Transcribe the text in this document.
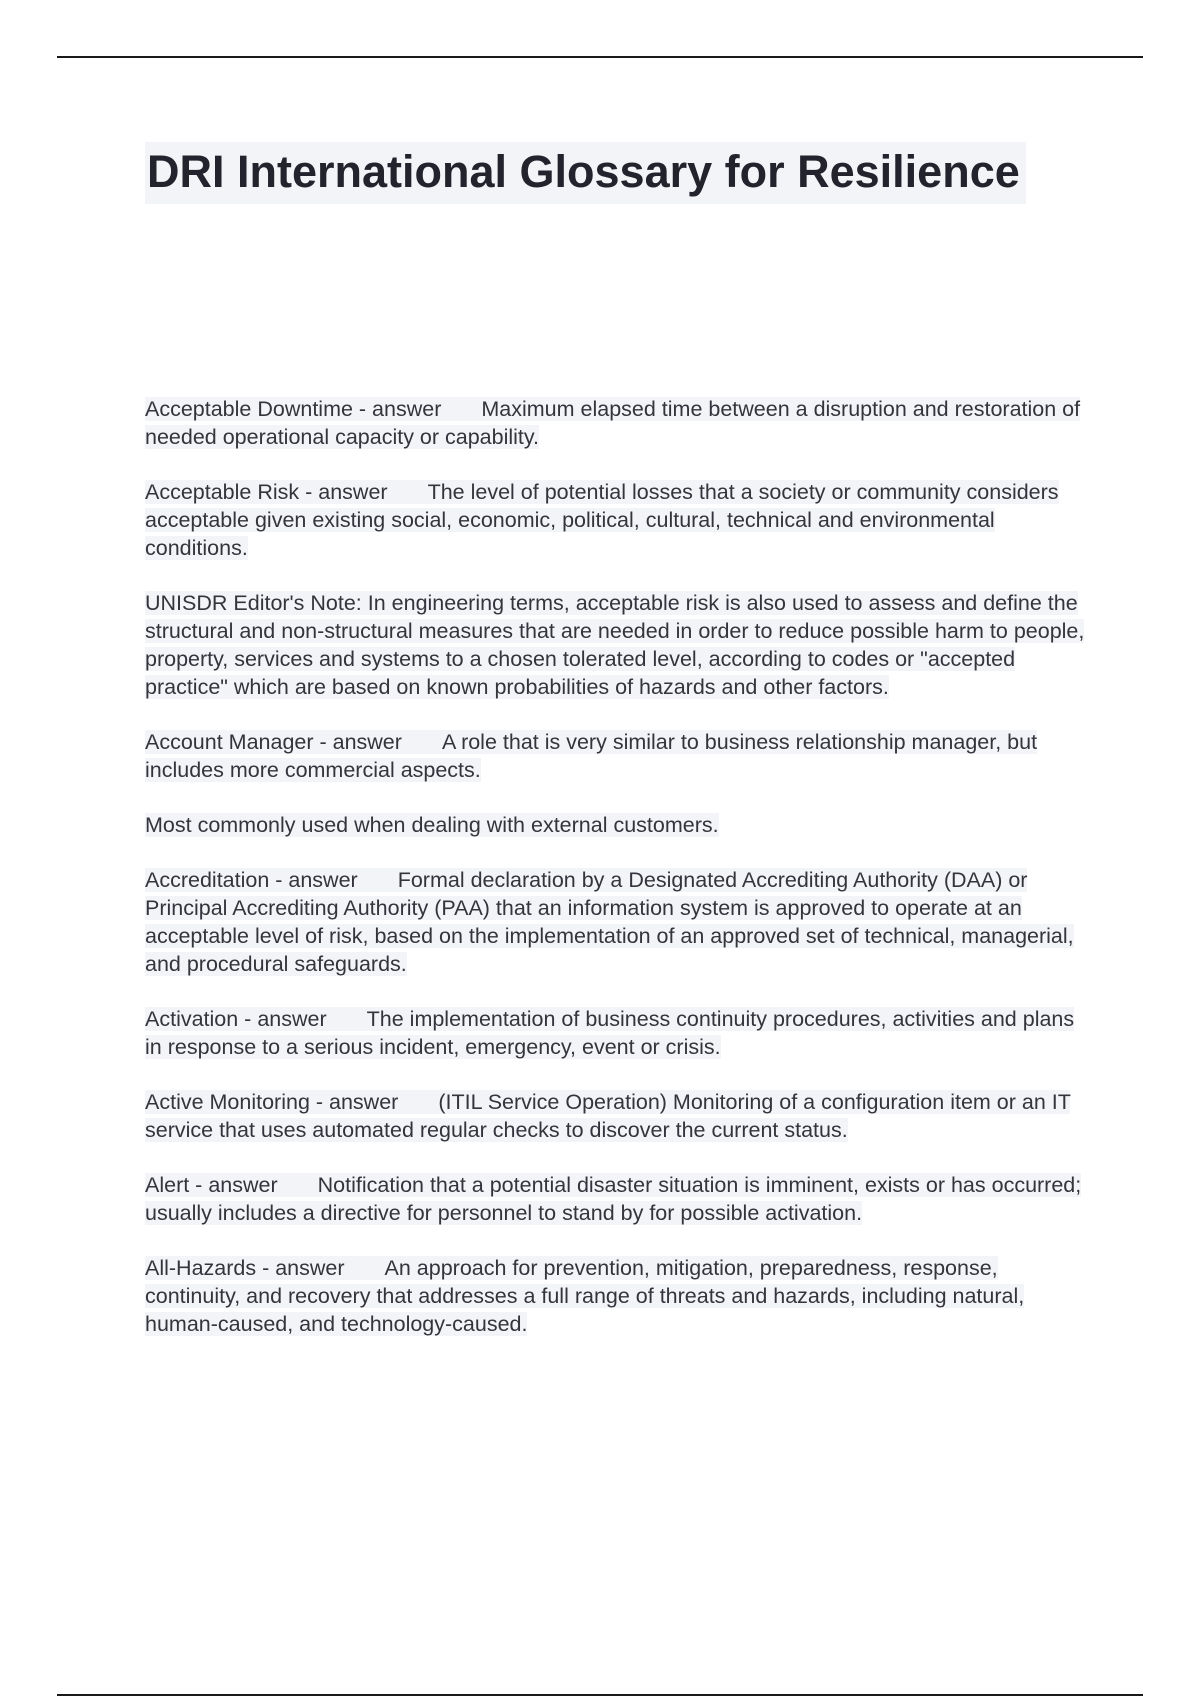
DRI International Glossary for Resilience

Acceptable Downtime - answer Maximum elapsed time between a disruption and restoration of needed operational capacity or capability.

Acceptable Risk - answer The level of potential losses that a society or community considers acceptable given existing social, economic, political, cultural, technical and environmental conditions.

UNISDR Editor's Note: In engineering terms, acceptable risk is also used to assess and define the structural and non-structural measures that are needed in order to reduce possible harm to people, property, services and systems to a chosen tolerated level, according to codes or "accepted practice" which are based on known probabilities of hazards and other factors.

Account Manager - answer A role that is very similar to business relationship manager, but includes more commercial aspects.

Most commonly used when dealing with external customers.

Accreditation - answer Formal declaration by a Designated Accrediting Authority (DAA) or Principal Accrediting Authority (PAA) that an information system is approved to operate at an acceptable level of risk, based on the implementation of an approved set of technical, managerial, and procedural safeguards.

Activation - answer The implementation of business continuity procedures, activities and plans in response to a serious incident, emergency, event or crisis.

Active Monitoring - answer (ITIL Service Operation) Monitoring of a configuration item or an IT service that uses automated regular checks to discover the current status.

Alert - answer Notification that a potential disaster situation is imminent, exists or has occurred; usually includes a directive for personnel to stand by for possible activation.

All-Hazards - answer An approach for prevention, mitigation, preparedness, response, continuity, and recovery that addresses a full range of threats and hazards, including natural, human-caused, and technology-caused.
